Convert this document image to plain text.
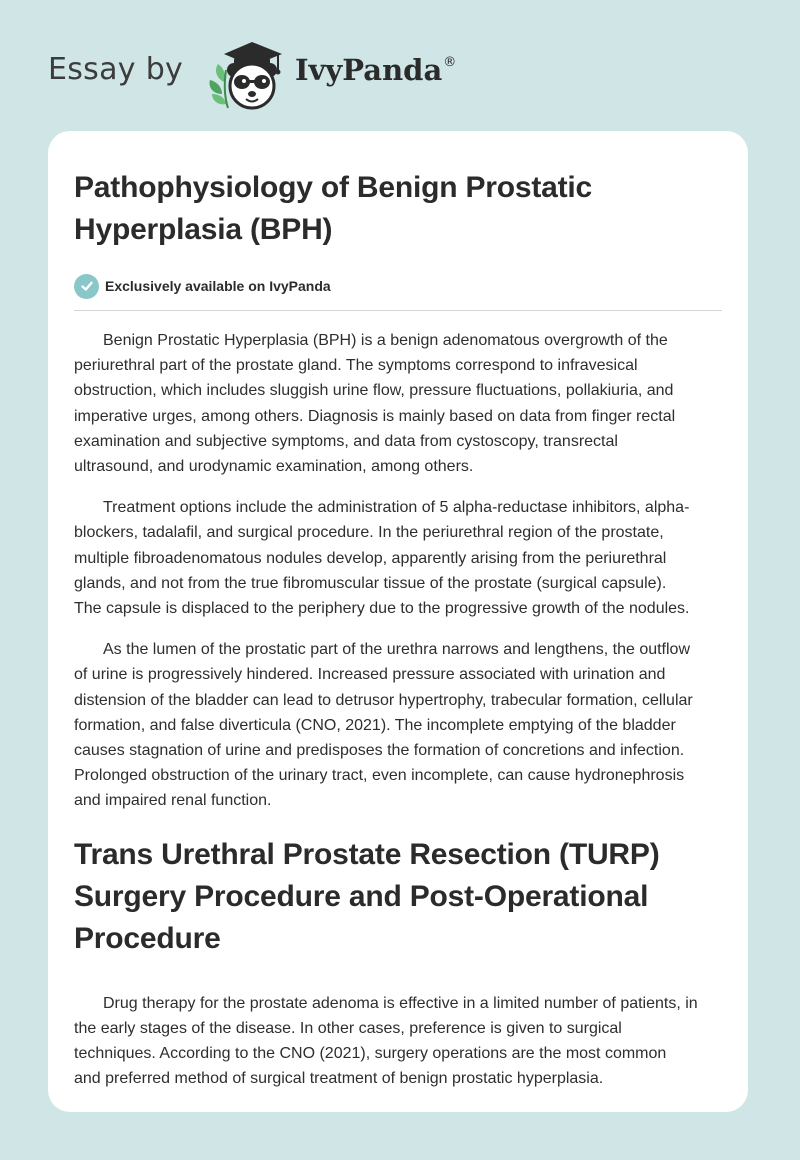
Essay by	IvyPanda®
Pathophysiology of Benign Prostatic
Hyperplasia (BPH)
Exclusively available on IvyPanda

Benign Prostatic Hyperplasia (BPH) is a benign adenomatous overgrowth of the
periurethral part of the prostate gland. The symptoms correspond to infravesical
obstruction, which includes sluggish urine flow, pressure fluctuations, pollakiuria, and
imperative urges, among others. Diagnosis is mainly based on data from finger rectal
examination and subjective symptoms, and data from cystoscopy, transrectal
ultrasound, and urodynamic examination, among others.

Treatment options include the administration of 5 alpha-reductase inhibitors, alpha-
blockers, tadalafil, and surgical procedure. In the periurethral region of the prostate,
multiple fibroadenomatous nodules develop, apparently arising from the periurethral
glands, and not from the true fibromuscular tissue of the prostate (surgical capsule).
The capsule is displaced to the periphery due to the progressive growth of the nodules.

As the lumen of the prostatic part of the urethra narrows and lengthens, the outflow
of urine is progressively hindered. Increased pressure associated with urination and
distension of the bladder can lead to detrusor hypertrophy, trabecular formation, cellular
formation, and false diverticula (CNO, 2021). The incomplete emptying of the bladder
causes stagnation of urine and predisposes the formation of concretions and infection.
Prolonged obstruction of the urinary tract, even incomplete, can cause hydronephrosis
and impaired renal function.

Trans Urethral Prostate Resection (TURP)
Surgery Procedure and Post-Operational
Procedure

Drug therapy for the prostate adenoma is effective in a limited number of patients, in
the early stages of the disease. In other cases, preference is given to surgical
techniques. According to the CNO (2021), surgery operations are the most common
and preferred method of surgical treatment of benign prostatic hyperplasia.
